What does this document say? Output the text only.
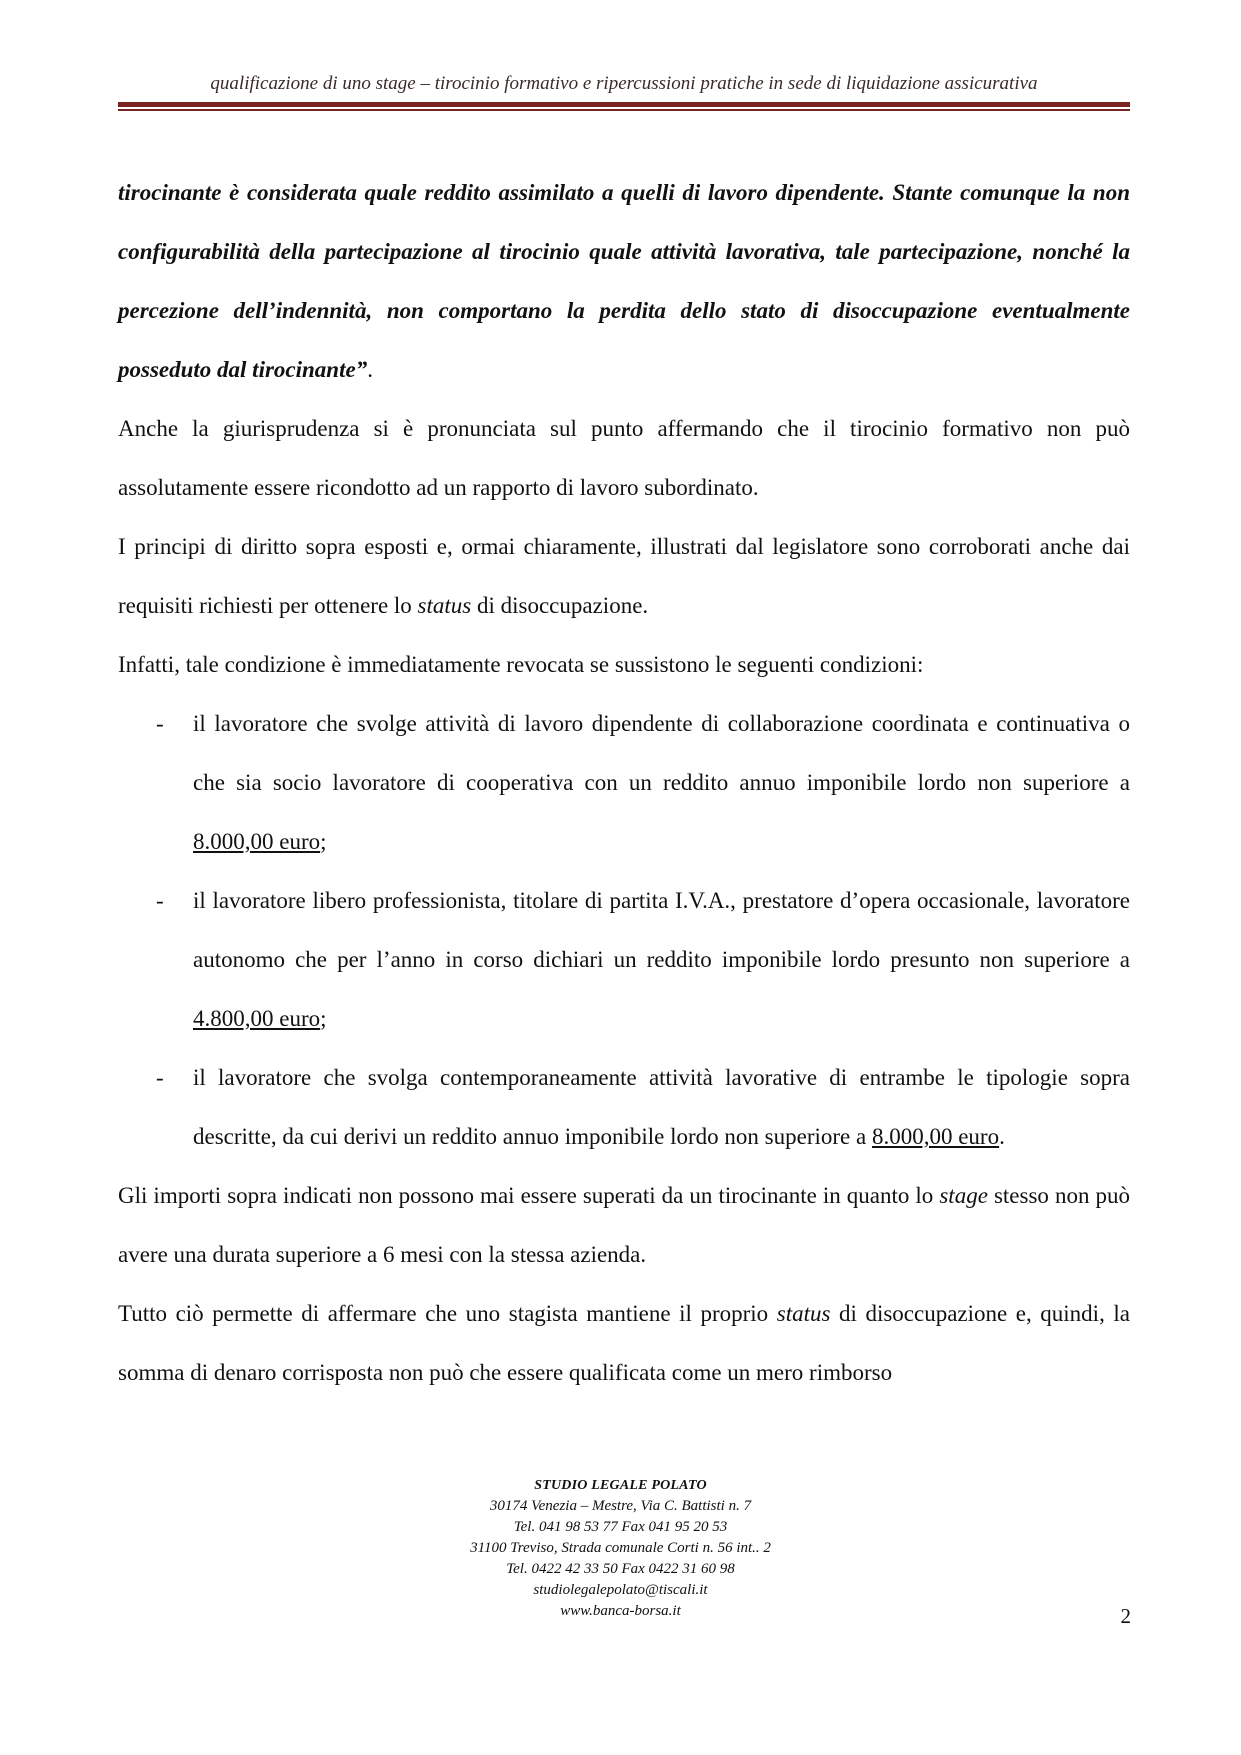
qualificazione di uno stage – tirocinio formativo e ripercussioni pratiche in sede di liquidazione assicurativa

tirocinante è considerata quale reddito assimilato a quelli di lavoro dipendente. Stante comunque la non configurabilità della partecipazione al tirocinio quale attività lavorativa, tale partecipazione, nonché la percezione dell’indennità, non comportano la perdita dello stato di disoccupazione eventualmente posseduto dal tirocinante”.

Anche la giurisprudenza si è pronunciata sul punto affermando che il tirocinio formativo non può assolutamente essere ricondotto ad un rapporto di lavoro subordinato.

I principi di diritto sopra esposti e, ormai chiaramente, illustrati dal legislatore sono corroborati anche dai requisiti richiesti per ottenere lo status di disoccupazione.

Infatti, tale condizione è immediatamente revocata se sussistono le seguenti condizioni:

- il lavoratore che svolge attività di lavoro dipendente di collaborazione coordinata e continuativa o che sia socio lavoratore di cooperativa con un reddito annuo imponibile lordo non superiore a 8.000,00 euro;

- il lavoratore libero professionista, titolare di partita I.V.A., prestatore d’opera occasionale, lavoratore autonomo che per l’anno in corso dichiari un reddito imponibile lordo presunto non superiore a 4.800,00 euro;

- il lavoratore che svolga contemporaneamente attività lavorative di entrambe le tipologie sopra descritte, da cui derivi un reddito annuo imponibile lordo non superiore a 8.000,00 euro.

Gli importi sopra indicati non possono mai essere superati da un tirocinante in quanto lo stage stesso non può avere una durata superiore a 6 mesi con la stessa azienda.

Tutto ciò permette di affermare che uno stagista mantiene il proprio status di disoccupazione e, quindi, la somma di denaro corrisposta non può che essere qualificata come un mero rimborso

STUDIO LEGALE POLATO
30174 Venezia – Mestre, Via C. Battisti n. 7
Tel. 041 98 53 77 Fax 041 95 20 53
31100 Treviso, Strada comunale Corti n. 56 int.. 2
Tel. 0422 42 33 50 Fax 0422 31 60 98
studiolegalepolato@tiscali.it
www.banca-borsa.it	2
